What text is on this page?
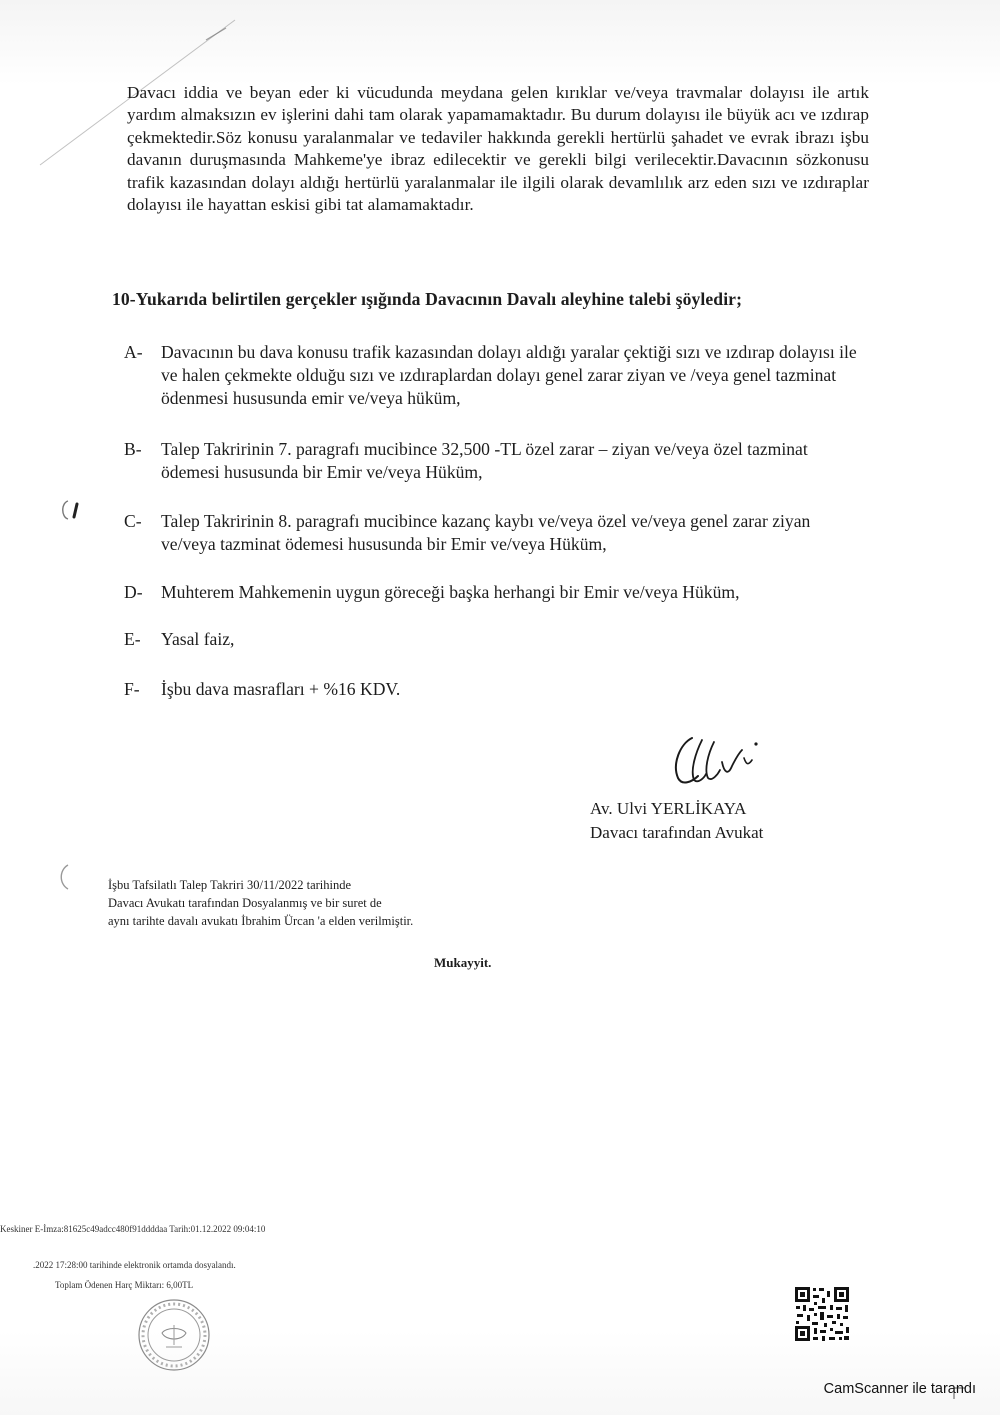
Davacı iddia ve beyan eder ki vücudunda meydana gelen kırıklar ve/veya travmalar dolayısı ile artık yardım almaksızın ev işlerini dahi tam olarak yapamamaktadır. Bu durum dolayısı ile büyük acı ve ızdırap çekmektedir.Söz konusu yaralanmalar ve tedaviler hakkında gerekli hertürlü şahadet ve evrak ibrazı işbu davanın duruşmasında Mahkeme'ye ibraz edilecektir ve gerekli bilgi verilecektir.Davacının sözkonusu trafik kazasından dolayı aldığı hertürlü yaralanmalar ile ilgili olarak devamlılık arz eden sızı ve ızdıraplar dolayısı ile hayattan eskisi gibi tat alamamaktadır.
10-Yukarıda belirtilen gerçekler ışığında Davacının Davalı aleyhine talebi şöyledir;
A-	Davacının bu dava konusu trafik kazasından dolayı aldığı yaralar çektiği sızı ve ızdırap dolayısı ile ve halen çekmekte olduğu sızı ve ızdıraplardan dolayı genel zarar ziyan ve /veya genel tazminat ödenmesi hususunda emir ve/veya hüküm,
B-	Talep Takririnin 7. paragrafı mucibince 32,500 -TL özel zarar – ziyan ve/veya özel tazminat ödemesi hususunda bir Emir ve/veya Hüküm,
C-	Talep Takririnin 8. paragrafı mucibince kazanç kaybı ve/veya özel ve/veya genel zarar ziyan ve/veya tazminat ödemesi hususunda bir Emir ve/veya Hüküm,
D-	Muhterem Mahkemenin uygun göreceği başka herhangi bir Emir ve/veya Hüküm,
E-	Yasal faiz,
F-	İşbu dava masrafları + %16 KDV.
Av. Ulvi YERLİKAYA
Davacı tarafından Avukat
İşbu Tafsilatlı Talep Takriri 30/11/2022 tarihinde
Davacı Avukatı tarafından Dosyalanmış ve bir suret de
aynı tarihte davalı avukatı İbrahim Ürcan 'a elden verilmiştir.
Mukayyit.
Keskiner E-İmza:81625c49adcc480f91ddddaa Tarih:01.12.2022 09:04:10
.2022 17:28:00 tarihinde elektronik ortamda dosyalandı.
Toplam Ödenen Harç Miktarı: 6,00TL
CamScanner ile tarandı
